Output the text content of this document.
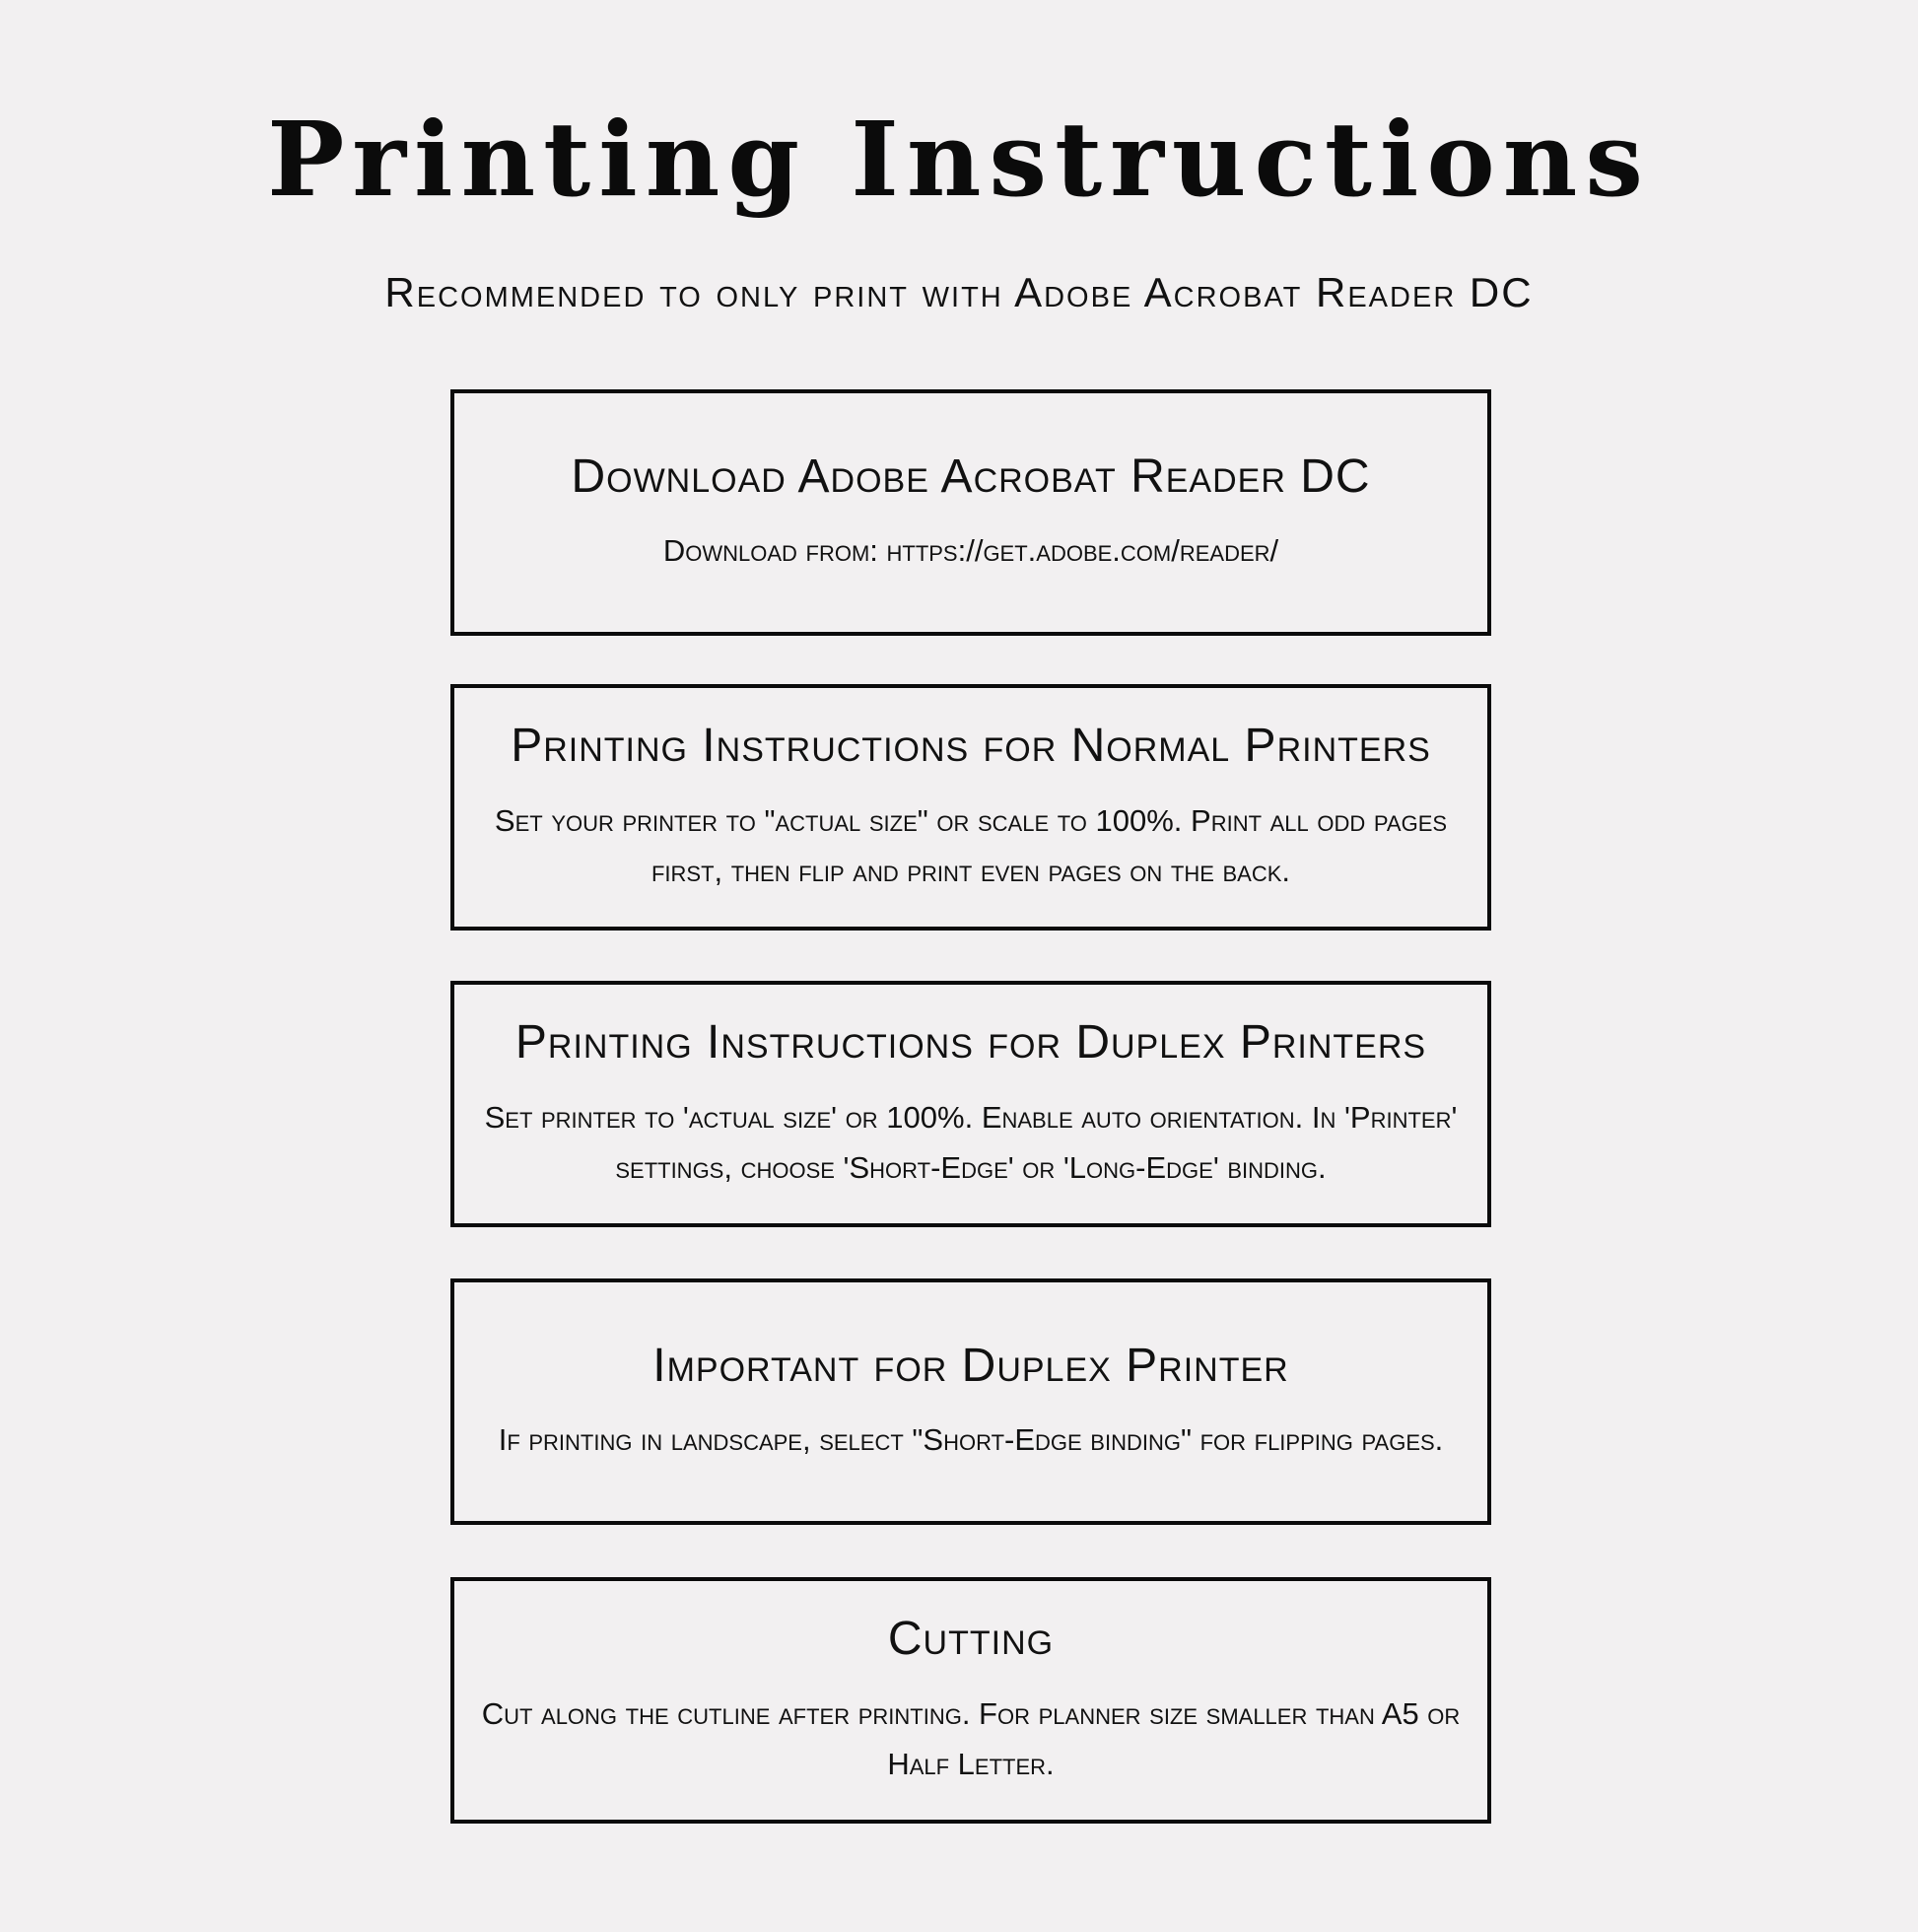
Printing Instructions

Recommended to only print with Adobe Acrobat Reader DC

Download Adobe Acrobat Reader DC
Download from: https://get.adobe.com/reader/
Printing Instructions for Normal Printers
Set your printer to "actual size" or scale to 100%. Print all odd pages first, then flip and print even pages on the back.
Printing Instructions for Duplex Printers
Set printer to 'actual size' or 100%. Enable auto orientation. In 'Printer' settings, choose 'Short-Edge' or 'Long-Edge' binding.
Important for Duplex Printer
If printing in landscape, select "Short-Edge binding" for flipping pages.
Cutting
Cut along the cutline after printing. For planner size smaller than A5 or Half Letter.
